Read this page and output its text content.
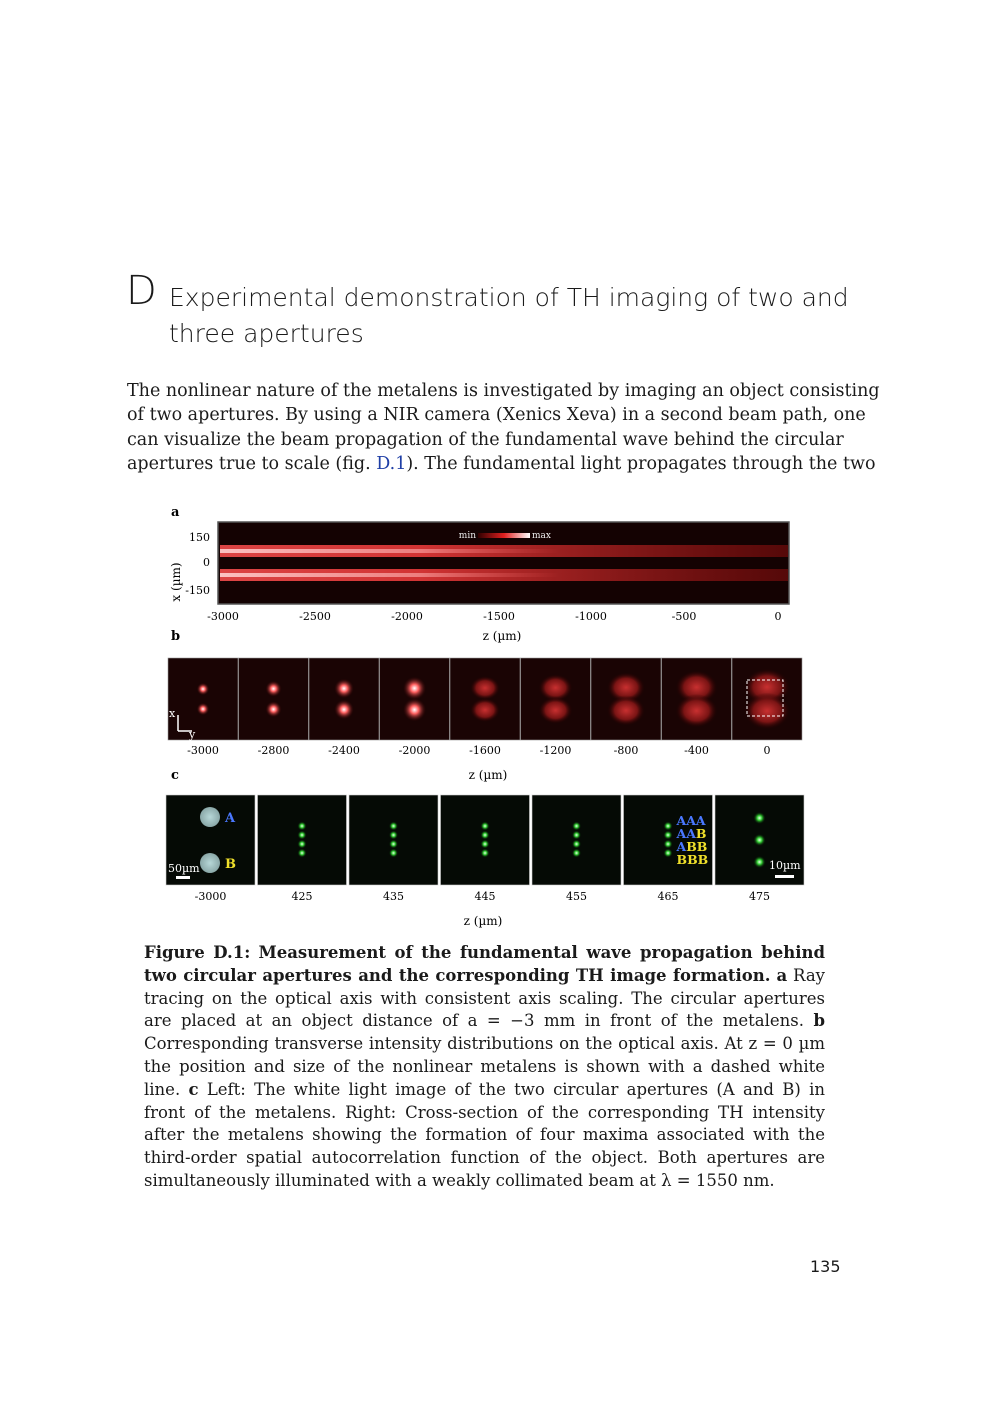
D Experimental demonstration of TH imaging of two and three apertures
The nonlinear nature of the metalens is investigated by imaging an object consisting
of two apertures. By using a NIR camera (Xenics Xeva) in a second beam path, one
can visualize the beam propagation of the fundamental wave behind the circular
apertures true to scale (fig. D.1). The fundamental light propagates through the two
a
x (µm)
150
0
-150
min	max
-3000	-2500	-2000	-1500	-1000	-500	0
z (µm)
b
x
y
-3000	-2800	-2400	-2000	-1600	-1200	-800	-400	0
z (µm)
c
A
B
50µm
AAA
AAB
ABB
BBB	10µm
-3000	425	435	445	455	465	475
z (µm)
Figure D.1: Measurement of the fundamental wave propagation behind two circular apertures and the corresponding TH image formation. a Ray tracing on the optical axis with consistent axis scaling. The circular apertures are placed at an object distance of a = −3 mm in front of the metalens. b Corresponding transverse intensity distributions on the optical axis. At z = 0 µm the position and size of the nonlinear metalens is shown with a dashed white line. c Left: The white light image of the two circular apertures (A and B) in front of the metalens. Right: Cross-section of the corresponding TH intensity after the metalens showing the formation of four maxima associated with the third-order spatial autocorrelation function of the object. Both apertures are simultaneously illuminated with a weakly collimated beam at λ = 1550 nm.
135
